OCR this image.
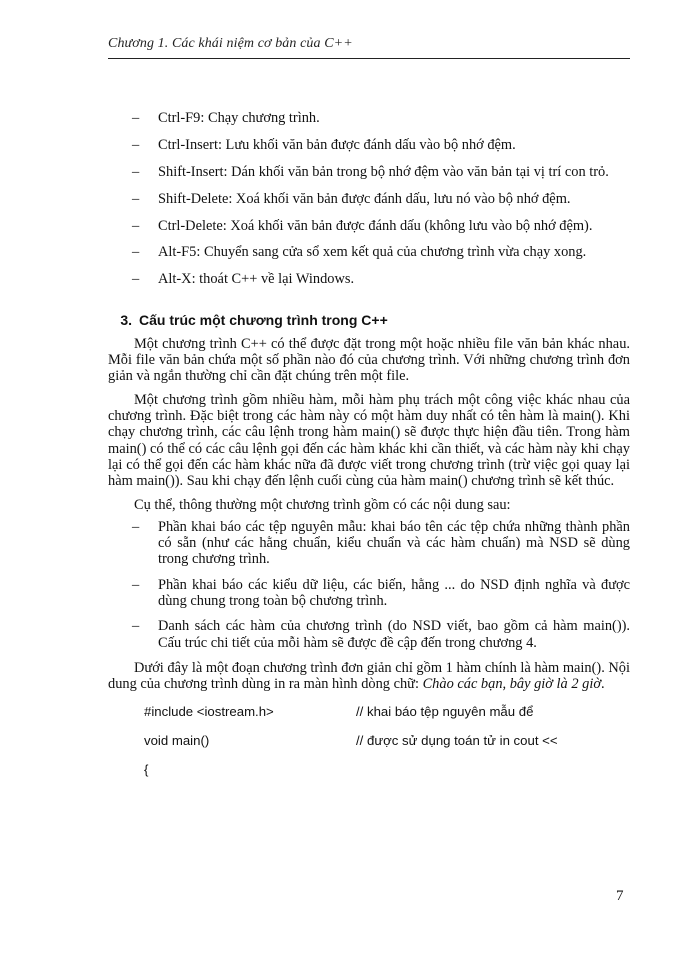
Chương 1. Các khái niệm cơ bản của C++
– Ctrl-F9: Chạy chương trình.
– Ctrl-Insert: Lưu khối văn bản được đánh dấu vào bộ nhớ đệm.
– Shift-Insert: Dán khối văn bản trong bộ nhớ đệm vào văn bản tại vị trí con trỏ.
– Shift-Delete: Xoá khối văn bản được đánh dấu, lưu nó vào bộ nhớ đệm.
– Ctrl-Delete: Xoá khối văn bản được đánh dấu (không lưu vào bộ nhớ đệm).
– Alt-F5: Chuyển sang cửa sổ xem kết quả của chương trình vừa chạy xong.
– Alt-X: thoát C++ về lại Windows.
3. Cấu trúc một chương trình trong C++

Một chương trình C++ có thể được đặt trong một hoặc nhiều file văn bản khác nhau. Mỗi file văn bản chứa một số phần nào đó của chương trình. Với những chương trình đơn giản và ngắn thường chỉ cần đặt chúng trên một file.

Một chương trình gồm nhiều hàm, mỗi hàm phụ trách một công việc khác nhau của chương trình. Đặc biệt trong các hàm này có một hàm duy nhất có tên hàm là main(). Khi chạy chương trình, các câu lệnh trong hàm main() sẽ được thực hiện đầu tiên. Trong hàm main() có thể có các câu lệnh gọi đến các hàm khác khi cần thiết, và các hàm này khi chạy lại có thể gọi đến các hàm khác nữa đã được viết trong chương trình (trừ việc gọi quay lại hàm main()). Sau khi chạy đến lệnh cuối cùng của hàm main() chương trình sẽ kết thúc.

Cụ thể, thông thường một chương trình gồm có các nội dung sau:

– Phần khai báo các tệp nguyên mẫu: khai báo tên các tệp chứa những thành phần có sẵn (như các hằng chuẩn, kiểu chuẩn và các hàm chuẩn) mà NSD sẽ dùng trong chương trình.
– Phần khai báo các kiểu dữ liệu, các biến, hằng ... do NSD định nghĩa và được dùng chung trong toàn bộ chương trình.
– Danh sách các hàm của chương trình (do NSD viết, bao gồm cả hàm main()). Cấu trúc chi tiết của mỗi hàm sẽ được đề cập đến trong chương 4.

Dưới đây là một đoạn chương trình đơn giản chỉ gồm 1 hàm chính là hàm main(). Nội dung của chương trình dùng in ra màn hình dòng chữ: Chào các bạn, bây giờ là 2 giờ.

#include <iostream.h>	// khai báo tệp nguyên mẫu để
void main()	// được sử dụng toán tử in cout <<
{
7
